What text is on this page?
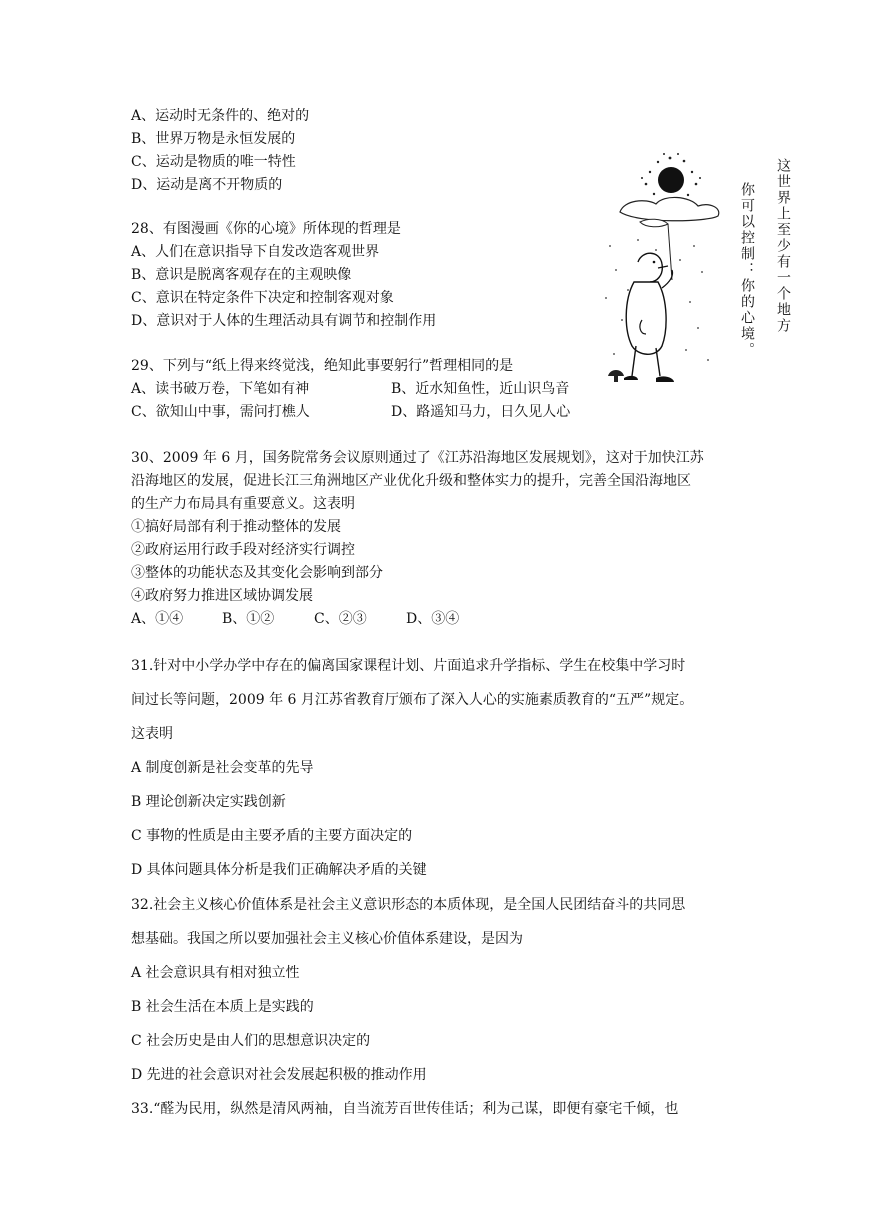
A、运动时无条件的、绝对的
B、世界万物是永恒发展的
C、运动是物质的唯一特性
D、运动是离不开物质的
28、有图漫画《你的心境》所体现的哲理是
A、人们在意识指导下自发改造客观世界
B、意识是脱离客观存在的主观映像
C、意识在特定条件下决定和控制客观对象
D、意识对于人体的生理活动具有调节和控制作用
29、下列与“纸上得来终觉浅，绝知此事要躬行”哲理相同的是
A、读书破万卷，下笔如有神	B、近水知鱼性，近山识鸟音
C、欲知山中事，需问打樵人	D、路遥知马力，日久见人心
这世界上至少有一个地方
你可以控制：你的心境。
30、2009 年 6 月，国务院常务会议原则通过了《江苏沿海地区发展规划》，这对于加快江苏
沿海地区的发展，促进长江三角洲地区产业优化升级和整体实力的提升，完善全国沿海地区
的生产力布局具有重要意义。这表明
①搞好局部有利于推动整体的发展
②政府运用行政手段对经济实行调控
③整体的功能状态及其变化会影响到部分
④政府努力推进区域协调发展
A、①④	B、①②	C、②③	D、③④
31.针对中小学办学中存在的偏离国家课程计划、片面追求升学指标、学生在校集中学习时
间过长等问题，2009 年 6 月江苏省教育厅颁布了深入人心的实施素质教育的“五严”规定。
这表明
A 制度创新是社会变革的先导
B 理论创新决定实践创新
C 事物的性质是由主要矛盾的主要方面决定的
D 具体问题具体分析是我们正确解决矛盾的关键
32.社会主义核心价值体系是社会主义意识形态的本质体现，是全国人民团结奋斗的共同思
想基础。我国之所以要加强社会主义核心价值体系建设，是因为
A 社会意识具有相对独立性
B 社会生活在本质上是实践的
C 社会历史是由人们的思想意识决定的
D 先进的社会意识对社会发展起积极的推动作用
33.“醛为民用，纵然是清风两袖，自当流芳百世传佳话；利为己谋，即便有豪宅千倾，也
